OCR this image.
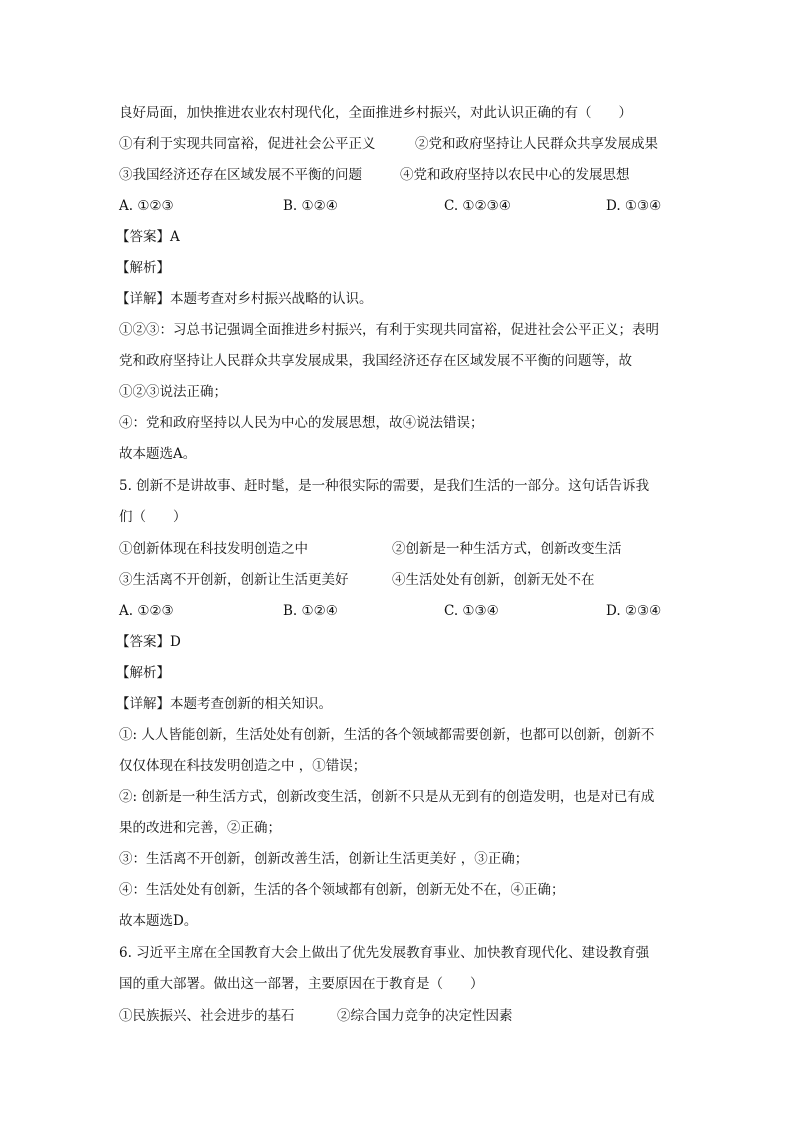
良好局面，加快推进农业农村现代化，全面推进乡村振兴，对此认识正确的有（　　）

①有利于实现共同富裕，促进社会公平正义	②党和政府坚持让人民群众共享发展成果

③我国经济还存在区域发展不平衡的问题	④党和政府坚持以农民中心的发展思想

A. ①②③	B. ①②④	C. ①②③④	D. ①③④

【答案】A

【解析】

【详解】本题考查对乡村振兴战略的认识。

①②③：习总书记强调全面推进乡村振兴，有利于实现共同富裕，促进社会公平正义；表明

党和政府坚持让人民群众共享发展成果，我国经济还存在区域发展不平衡的问题等，故

①②③说法正确；

④：党和政府坚持以人民为中心的发展思想，故④说法错误；

故本题选A。

5. 创新不是讲故事、赶时髦，是一种很实际的需要，是我们生活的一部分。这句话告诉我

们（　　）

①创新体现在科技发明创造之中	②创新是一种生活方式，创新改变生活

③生活离不开创新，创新让生活更美好	④生活处处有创新，创新无处不在

A. ①②③	B. ①②④	C. ①③④	D. ②③④

【答案】D

【解析】

【详解】本题考查创新的相关知识。

①: 人人皆能创新，生活处处有创新，生活的各个领域都需要创新，也都可以创新，创新不

仅仅体现在科技发明创造之中 ，①错误；

②: 创新是一种生活方式，创新改变生活，创新不只是从无到有的创造发明，也是对已有成

果的改进和完善，②正确；

③：生活离不开创新，创新改善生活，创新让生活更美好 ，③正确；

④：生活处处有创新，生活的各个领域都有创新，创新无处不在，④正确；

故本题选D。

6. 习近平主席在全国教育大会上做出了优先发展教育事业、加快教育现代化、建设教育强

国的重大部署。做出这一部署，主要原因在于教育是（　　）

①民族振兴、社会进步的基石	②综合国力竞争的决定性因素
